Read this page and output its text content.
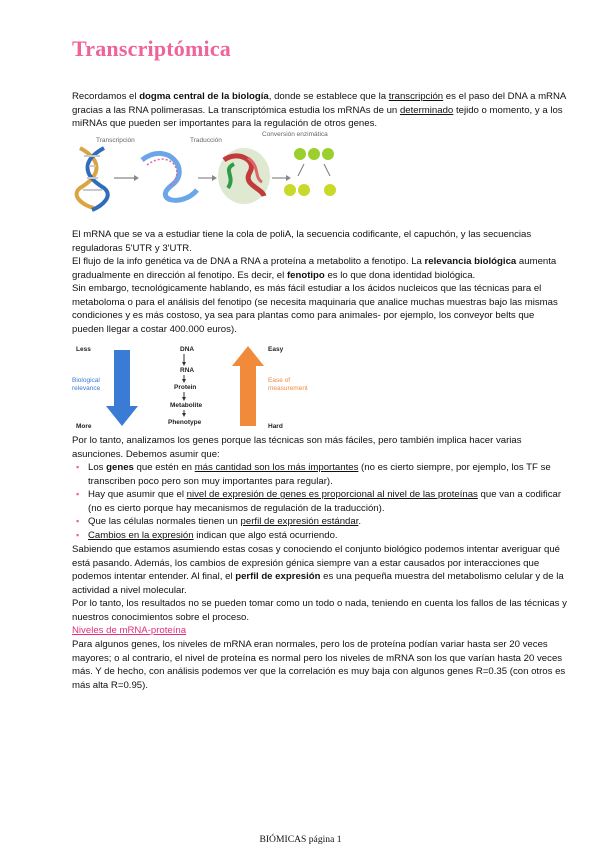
Transcriptómica

Recordamos el dogma central de la biología, donde se establece que la transcripción es el paso del DNA a mRNA gracias a las RNA polimerasas. La transcriptómica estudia los mRNAs de un determinado tejido o momento, y a los miRNAs que pueden ser importantes para la regulación de otros genes.

Transcripción	Traducción
Conversión enzimática

El mRNA que se va a estudiar tiene la cola de poliA, la secuencia codificante, el capuchón, y las secuencias reguladoras 5'UTR y 3'UTR.

El flujo de la info genética va de DNA a RNA a proteína a metabolito a fenotipo. La relevancia biológica aumenta gradualmente en dirección al fenotipo. Es decir, el fenotipo es lo que dona identidad biológica.

Sin embargo, tecnológicamente hablando, es más fácil estudiar a los ácidos nucleicos que las técnicas para el metaboloma o para el análisis del fenotipo (se necesita maquinaria que analice muchas muestras bajo las mismas condiciones y es más costoso, ya sea para plantas como para animales- por ejemplo, los conveyor belts que pueden llegar a costar 400.000 euros).

Less
More
Biological
relevance
DNA
RNA
Protein
Metabolite
Phenotype
Easy
Hard
Ease of
measurement

Por lo tanto, analizamos los genes porque las técnicas son más fáciles, pero también implica hacer varias asunciones. Debemos asumir que:

▪ Los genes que estén en más cantidad son los más importantes (no es cierto siempre, por ejemplo, los TF se transcriben poco pero son muy importantes para regular).
▪ Hay que asumir que el nivel de expresión de genes es proporcional al nivel de las proteínas que van a codificar (no es cierto porque hay mecanismos de regulación de la traducción).
▪ Que las células normales tienen un perfil de expresión estándar.
▪ Cambios en la expresión indican que algo está ocurriendo.

Sabiendo que estamos asumiendo estas cosas y conociendo el conjunto biológico podemos intentar averiguar qué está pasando. Además, los cambios de expresión génica siempre van a estar causados por interacciones que podemos intentar entender. Al final, el perfil de expresión es una pequeña muestra del metabolismo celular y de la actividad a nivel molecular.

Por lo tanto, los resultados no se pueden tomar como un todo o nada, teniendo en cuenta los fallos de las técnicas y nuestros conocimientos sobre el proceso.

Niveles de mRNA-proteína

Para algunos genes, los niveles de mRNA eran normales, pero los de proteína podían variar hasta ser 20 veces mayores; o al contrario, el nivel de proteína es normal pero los niveles de mRNA son los que varían hasta 20 veces más. Y de hecho, con análisis podemos ver que la correlación es muy baja con algunos genes R=0.35 (con otros es más alta R=0.95).

BIÓMICAS página 1
